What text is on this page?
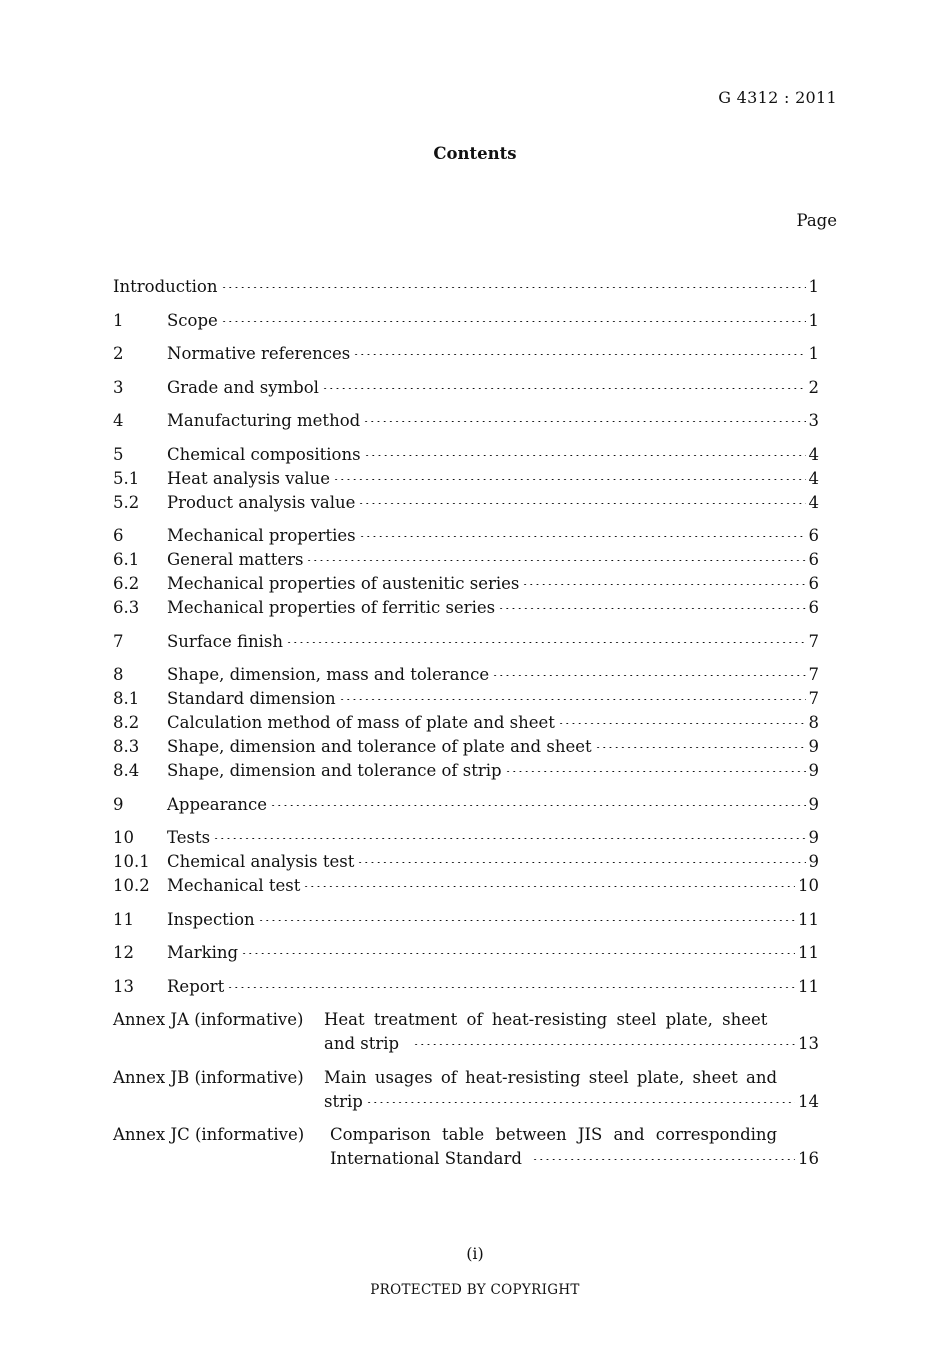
G 4312 : 2011
Contents
Page
Introduction	1
1	Scope	1
2	Normative references	1
3	Grade and symbol	2
4	Manufacturing method	3
5	Chemical compositions	4
5.1	Heat analysis value	4
5.2	Product analysis value	4
6	Mechanical properties	6
6.1	General matters	6
6.2	Mechanical properties of austenitic series	6
6.3	Mechanical properties of ferritic series	6
7	Surface finish	7
8	Shape, dimension, mass and tolerance	7
8.1	Standard dimension	7
8.2	Calculation method of mass of plate and sheet	8
8.3	Shape, dimension and tolerance of plate and sheet	9
8.4	Shape, dimension and tolerance of strip	9
9	Appearance	9
10	Tests	9
10.1	Chemical analysis test	9
10.2	Mechanical test	10
11	Inspection	11
12	Marking	11
13	Report	11
Annex JA (informative) Heat treatment of heat-resisting steel plate, sheet
and strip	13
Annex JB (informative) Main usages of heat-resisting steel plate, sheet and
strip	14
Annex JC (informative) Comparison table between JIS and corresponding
International Standard	16
(i)
PROTECTED BY COPYRIGHT
